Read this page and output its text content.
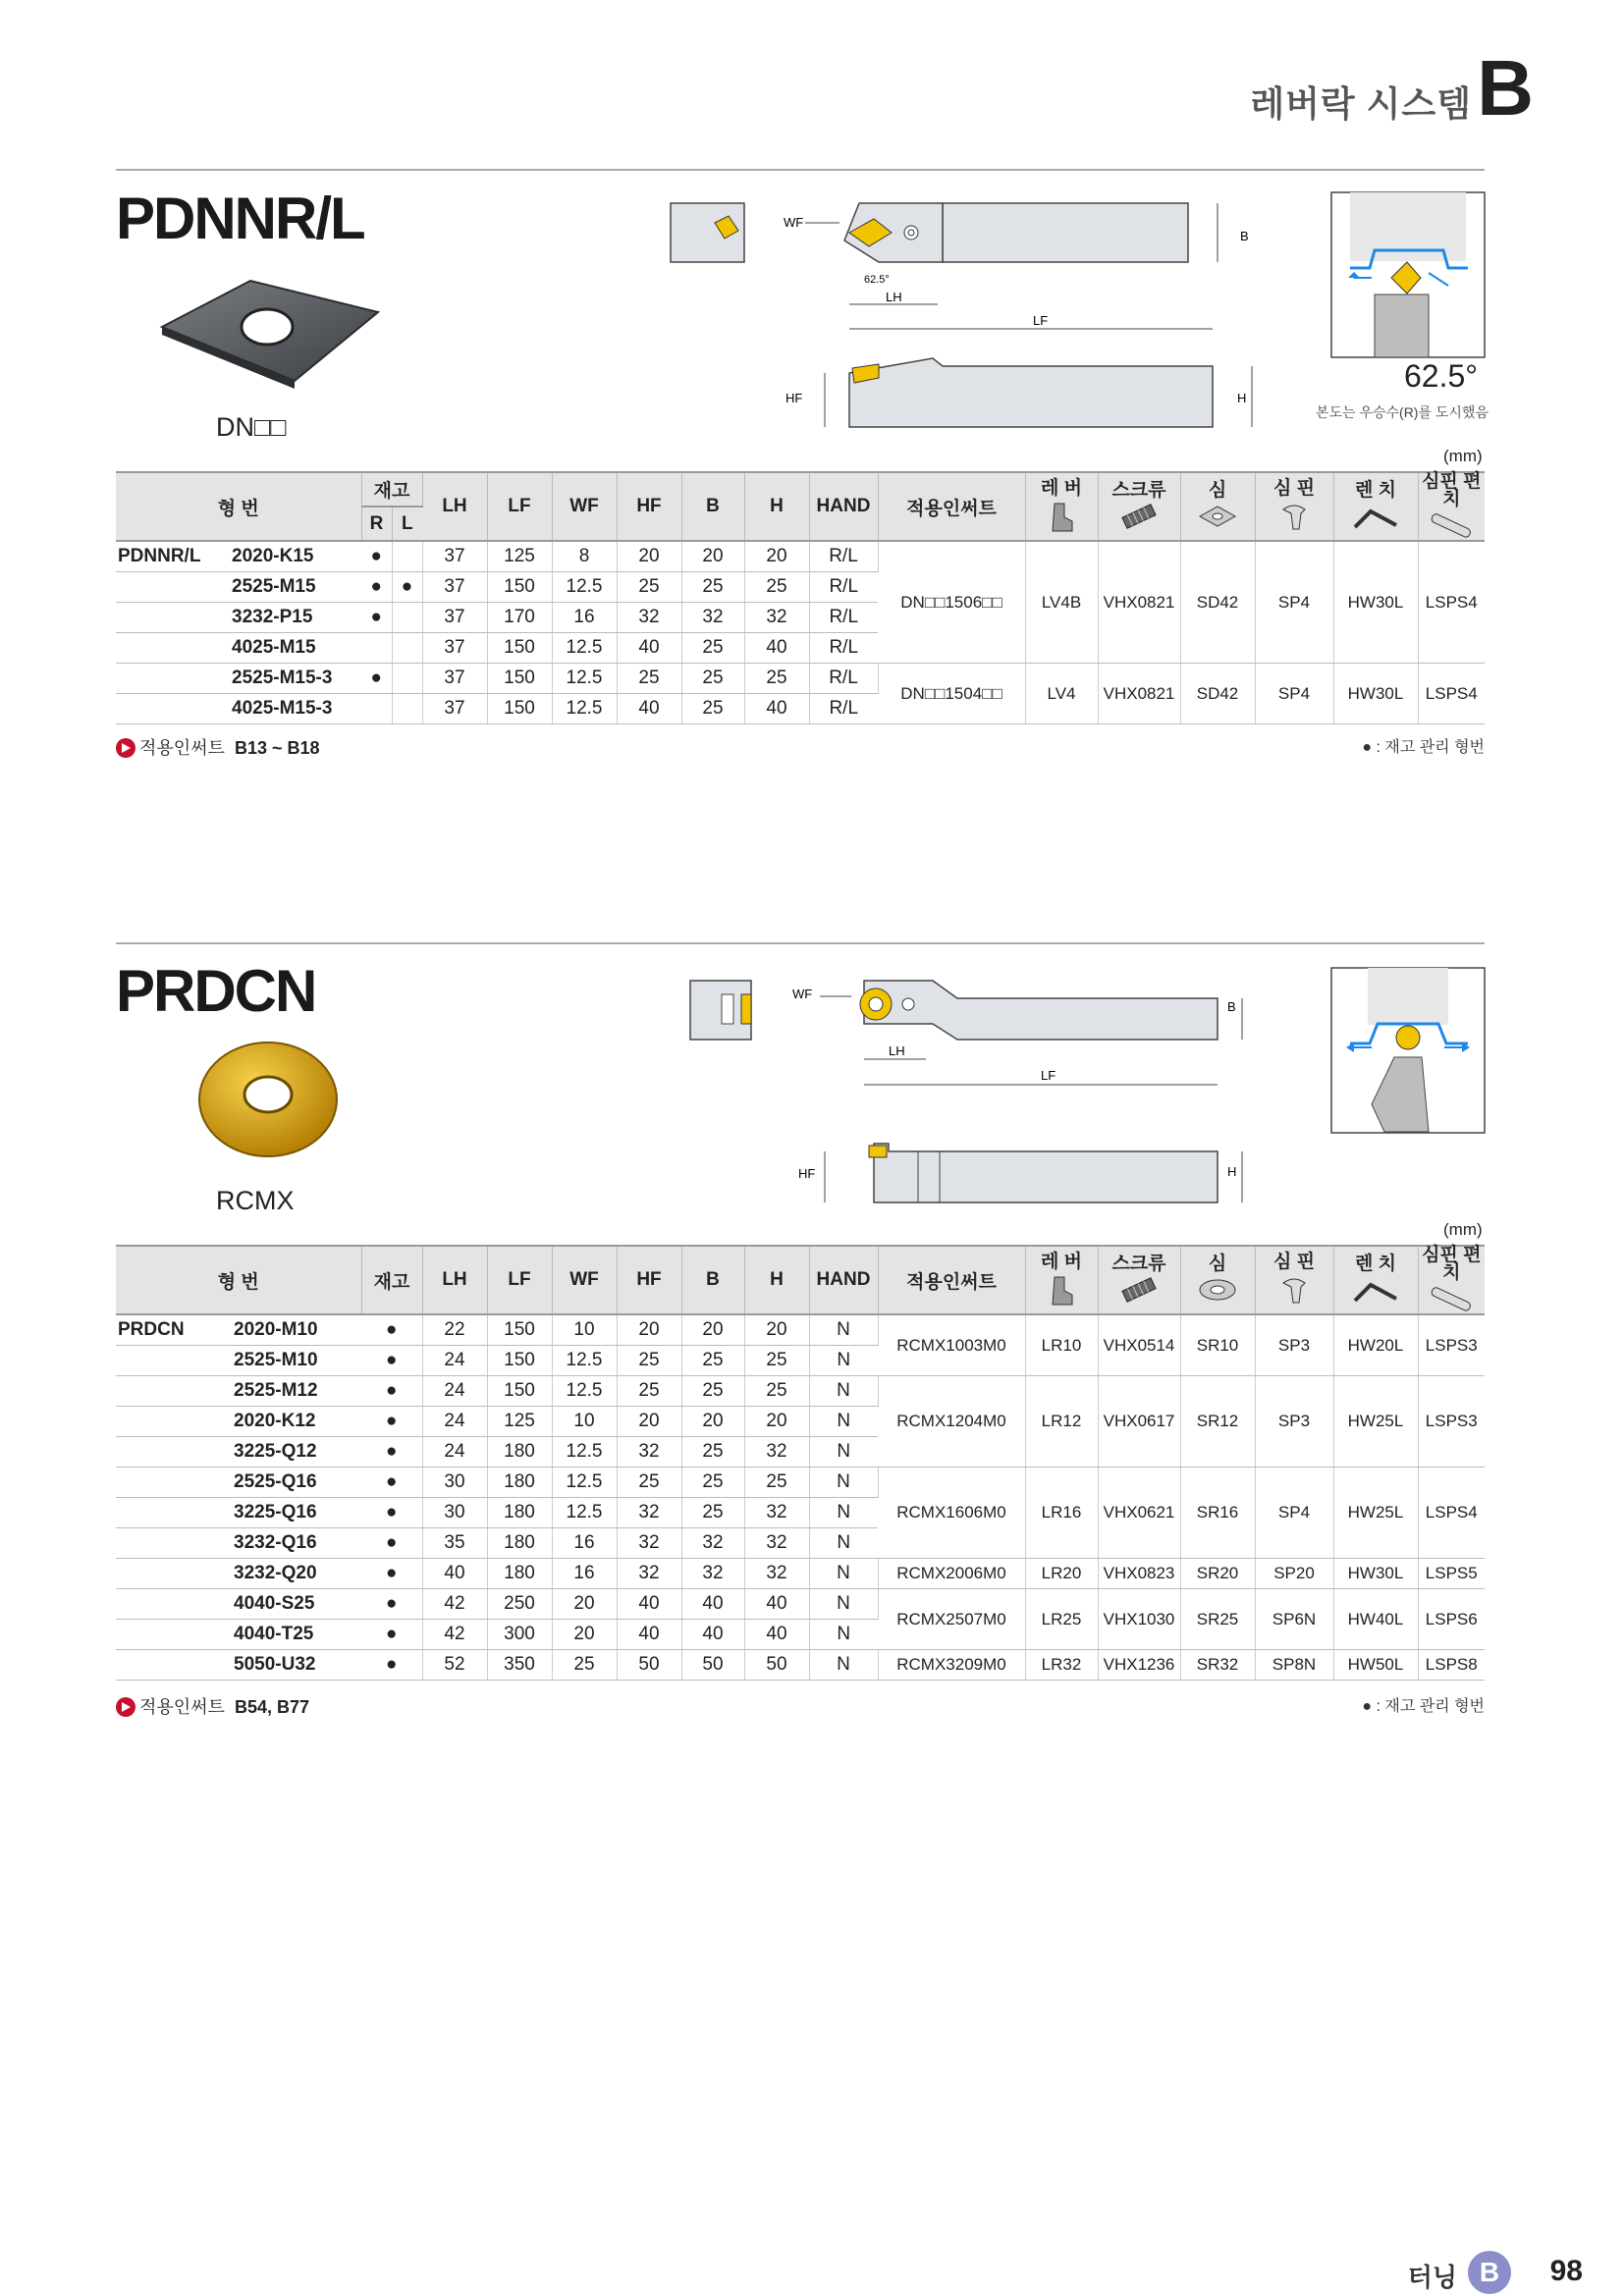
레버락 시스템 B
PDNNR/L
DN□□
WF
B
62.5°
LH
LF
HF	H
62.5°
본도는 우승수(R)를 도시했음
(mm)
형 번	재고		LH	LF	WF	HF	B	H	HAND	적용인써트	레 버	스크류	심	심 핀	렌 치	심핀 편치

	R	L														
PDNNR/L 2020-K15	●		37	125	8	20	20	20	R/L	DN□□1506□□	LV4B	VHX0821	SD42	SP4	HW30L	LSPS4
2525-M15	●	●	37	150	12.5	25	25	25	R/L							
3232-P15	●		37	170	16	32	32	32	R/L							
4025-M15			37	150	12.5	40	25	40	R/L							
2525-M15-3	●		37	150	12.5	25	25	25	R/L	DN□□1504□□	LV4	VHX0821	SD42	SP4	HW30L	LSPS4
4025-M15-3			37	150	12.5	40	25	40	R/L							
적용인써트 B13 ~ B18	● : 재고 관리 형번
PRDCN
RCMX
WF
B
LH
LF
HF	H
(mm)
형 번	재고	LH	LF	WF	HF	B	H	HAND	적용인써트	레 버	스크류	심	심 핀	렌 치	심핀 편치

PRDCN 2020-M10	●	22	150	10	20	20	20	N	RCMX1003M0	LR10	VHX0514	SR10	SP3	HW20L	LSPS3
2525-M10	●	24	150	12.5	25	25	25	N							
2525-M12	●	24	150	12.5	25	25	25	N	RCMX1204M0	LR12	VHX0617	SR12	SP3	HW25L	LSPS3
2020-K12	●	24	125	10	20	20	20	N							
3225-Q12	●	24	180	12.5	32	25	32	N							
2525-Q16	●	30	180	12.5	25	25	25	N	RCMX1606M0	LR16	VHX0621	SR16	SP4	HW25L	LSPS4
3225-Q16	●	30	180	12.5	32	25	32	N							
3232-Q16	●	35	180	16	32	32	32	N							
3232-Q20	●	40	180	16	32	32	32	N	RCMX2006M0	LR20	VHX0823	SR20	SP20	HW30L	LSPS5
4040-S25	●	42	250	20	40	40	40	N	RCMX2507M0	LR25	VHX1030	SR25	SP6N	HW40L	LSPS6
4040-T25	●	42	300	20	40	40	40	N							
5050-U32	●	52	350	25	50	50	50	N	RCMX3209M0	LR32	VHX1236	SR32	SP8N	HW50L	LSPS8
적용인써트 B54, B77	● : 재고 관리 형번
터닝 B	98
